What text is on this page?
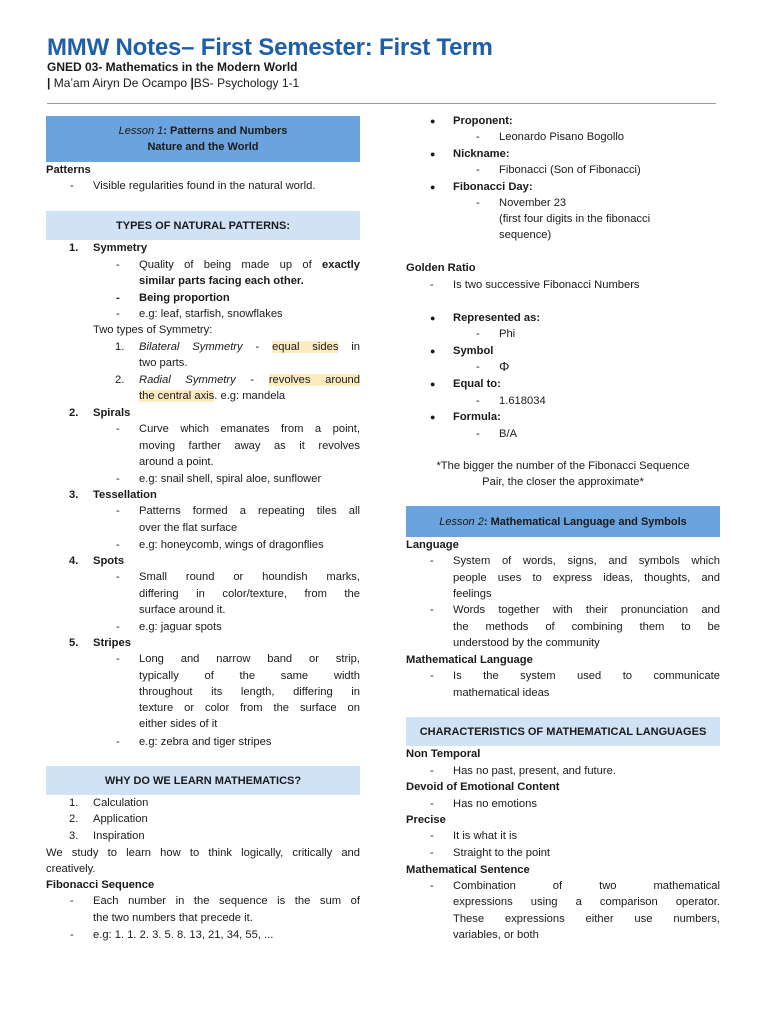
MMW Notes– First Semester: First Term
GNED 03- Mathematics in the Modern World
| Ma’am Airyn De Ocampo |BS- Psychology 1-1
Lesson 1: Patterns and Numbers
Nature and the World
Patterns
- Visible regularities found in the natural world.
TYPES OF NATURAL PATTERNS:
1. Symmetry
- Quality of being made up of exactly
similar parts facing each other.
- Being proportion
- e.g: leaf, starfish, snowflakes
Two types of Symmetry:
1. Bilateral Symmetry - equal sides in
two parts.
2. Radial Symmetry - revolves around
the central axis. e.g: mandela
2. Spirals
- Curve which emanates from a point,
moving farther away as it revolves
around a point.
- e.g: snail shell, spiral aloe, sunflower
3. Tessellation
- Patterns formed a repeating tiles all
over the flat surface
- e.g: honeycomb, wings of dragonflies
4. Spots
- Small round or houndish marks,
differing in color/texture, from the
surface around it.
- e.g: jaguar spots
5. Stripes
- Long and narrow band or strip,
typically of the same width
throughout its length, differing in
texture or color from the surface on
either sides of it
- e.g: zebra and tiger stripes
WHY DO WE LEARN MATHEMATICS?
1. Calculation
2. Application
3. Inspiration
We study to learn how to think logically, critically and
creatively.
Fibonacci Sequence
- Each number in the sequence is the sum of
the two numbers that precede it.
- e.g: 1. 1. 2. 3. 5. 8. 13, 21, 34, 55, ...
● Proponent:
- Leonardo Pisano Bogollo
● Nickname:
- Fibonacci (Son of Fibonacci)
● Fibonacci Day:
- November 23
(first four digits in the fibonacci
sequence)
Golden Ratio
- Is two successive Fibonacci Numbers
● Represented as:
- Phi
● Symbol
- Φ
● Equal to:
- 1.618034
● Formula:
- B/A
*The bigger the number of the Fibonacci Sequence
Pair, the closer the approximate*
Lesson 2: Mathematical Language and Symbols
Language
- System of words, signs, and symbols which
people uses to express ideas, thoughts, and
feelings
- Words together with their pronunciation and
the methods of combining them to be
understood by the community
Mathematical Language
- Is the system used to communicate
mathematical ideas
CHARACTERISTICS OF MATHEMATICAL LANGUAGES
Non Temporal
- Has no past, present, and future.
Devoid of Emotional Content
- Has no emotions
Precise
- It is what it is
- Straight to the point
Mathematical Sentence
- Combination of two mathematical
expressions using a comparison operator.
These expressions either use numbers,
variables, or both
